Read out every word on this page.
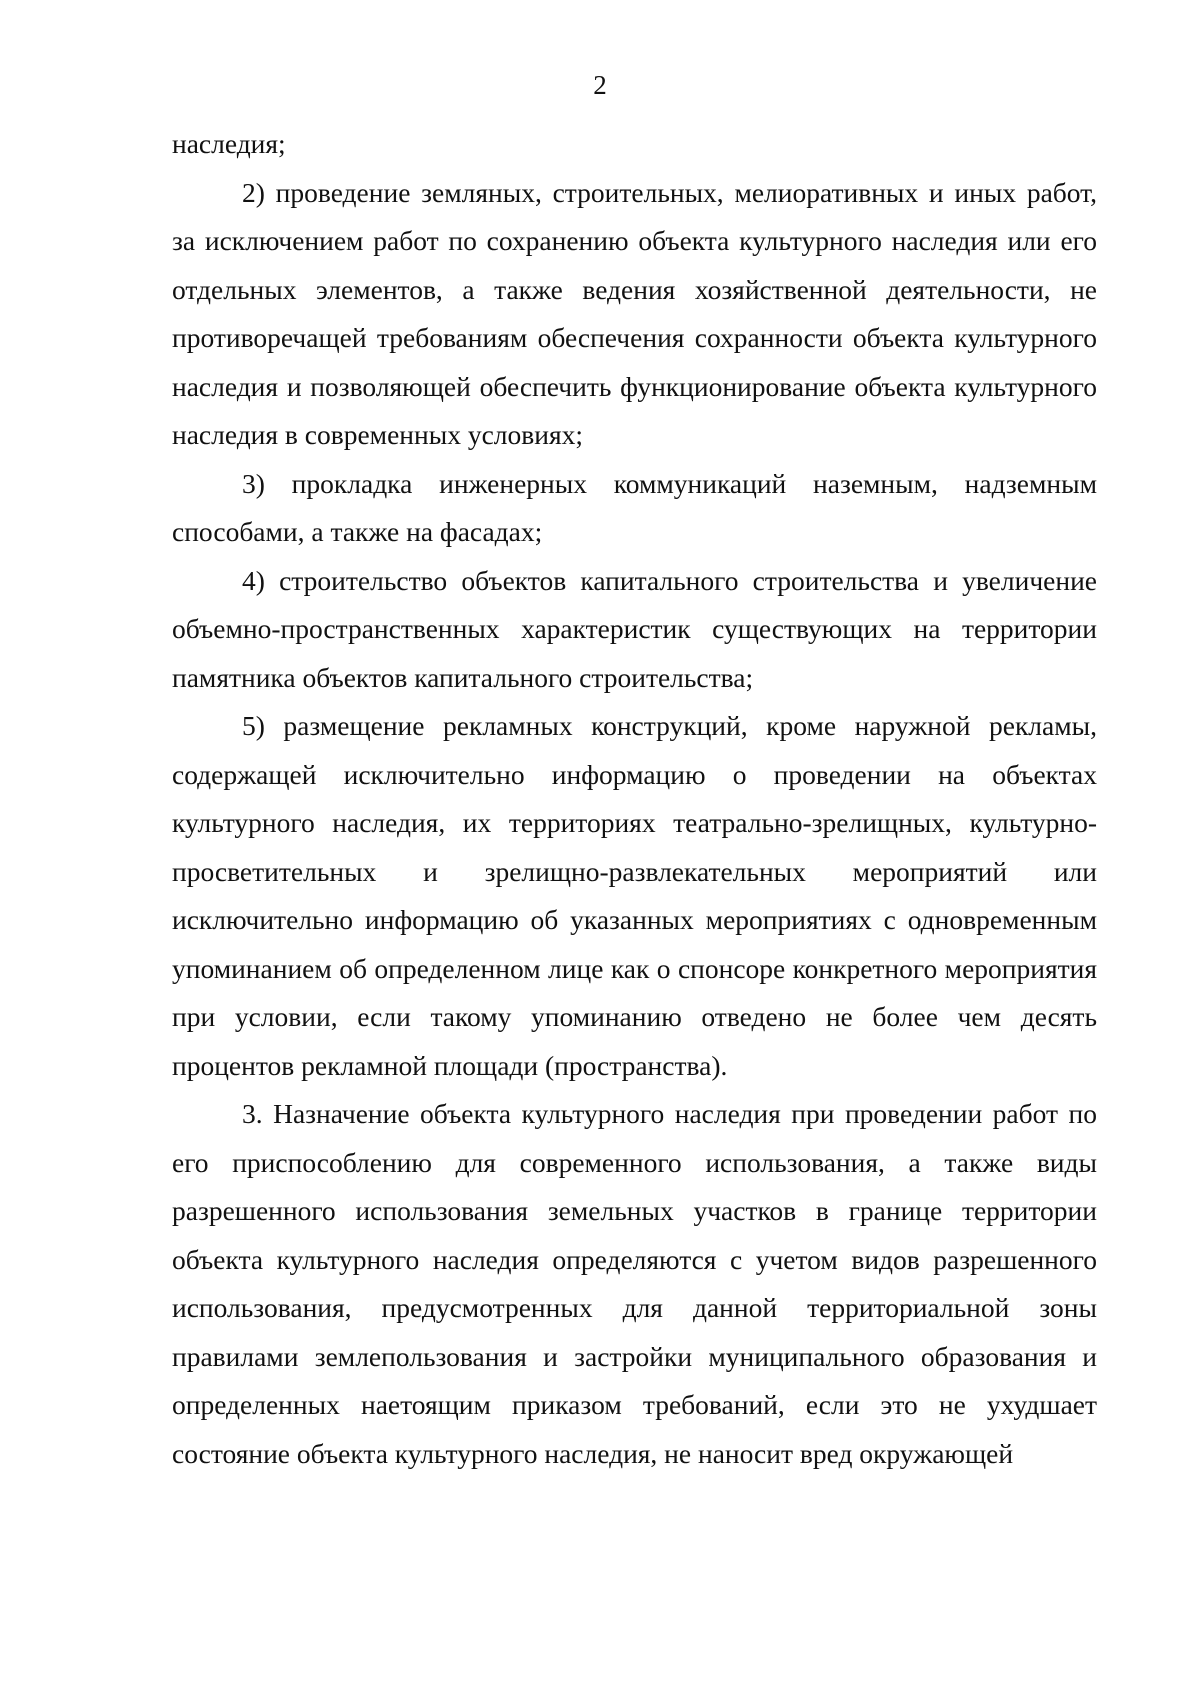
2

наследия;

2) проведение земляных, строительных, мелиоративных и иных работ, за исключением работ по сохранению объекта культурного наследия или его отдельных элементов, а также ведения хозяйственной деятельности, не противоречащей требованиям обеспечения сохранности объекта культурного наследия и позволяющей обеспечить функционирование объекта культурного наследия в современных условиях;

3) прокладка инженерных коммуникаций наземным, надземным способами, а также на фасадах;

4) строительство объектов капитального строительства и увеличение объемно-пространственных характеристик существующих на территории памятника объектов капитального строительства;

5) размещение рекламных конструкций, кроме наружной рекламы, содержащей исключительно информацию о проведении на объектах культурного наследия, их территориях театрально-зрелищных, культурно-просветительных и зрелищно-развлекательных мероприятий или исключительно информацию об указанных мероприятиях с одновременным упоминанием об определенном лице как о спонсоре конкретного мероприятия при условии, если такому упоминанию отведено не более чем десять процентов рекламной площади (пространства).

3. Назначение объекта культурного наследия при проведении работ по его приспособлению для современного использования, а также виды разрешенного использования земельных участков в границе территории объекта культурного наследия определяются с учетом видов разрешенного использования, предусмотренных для данной территориальной зоны правилами землепользования и застройки муниципального образования и определенных наетоящим приказом требований, если это не ухудшает состояние объекта культурного наследия, не наносит вред окружающей
